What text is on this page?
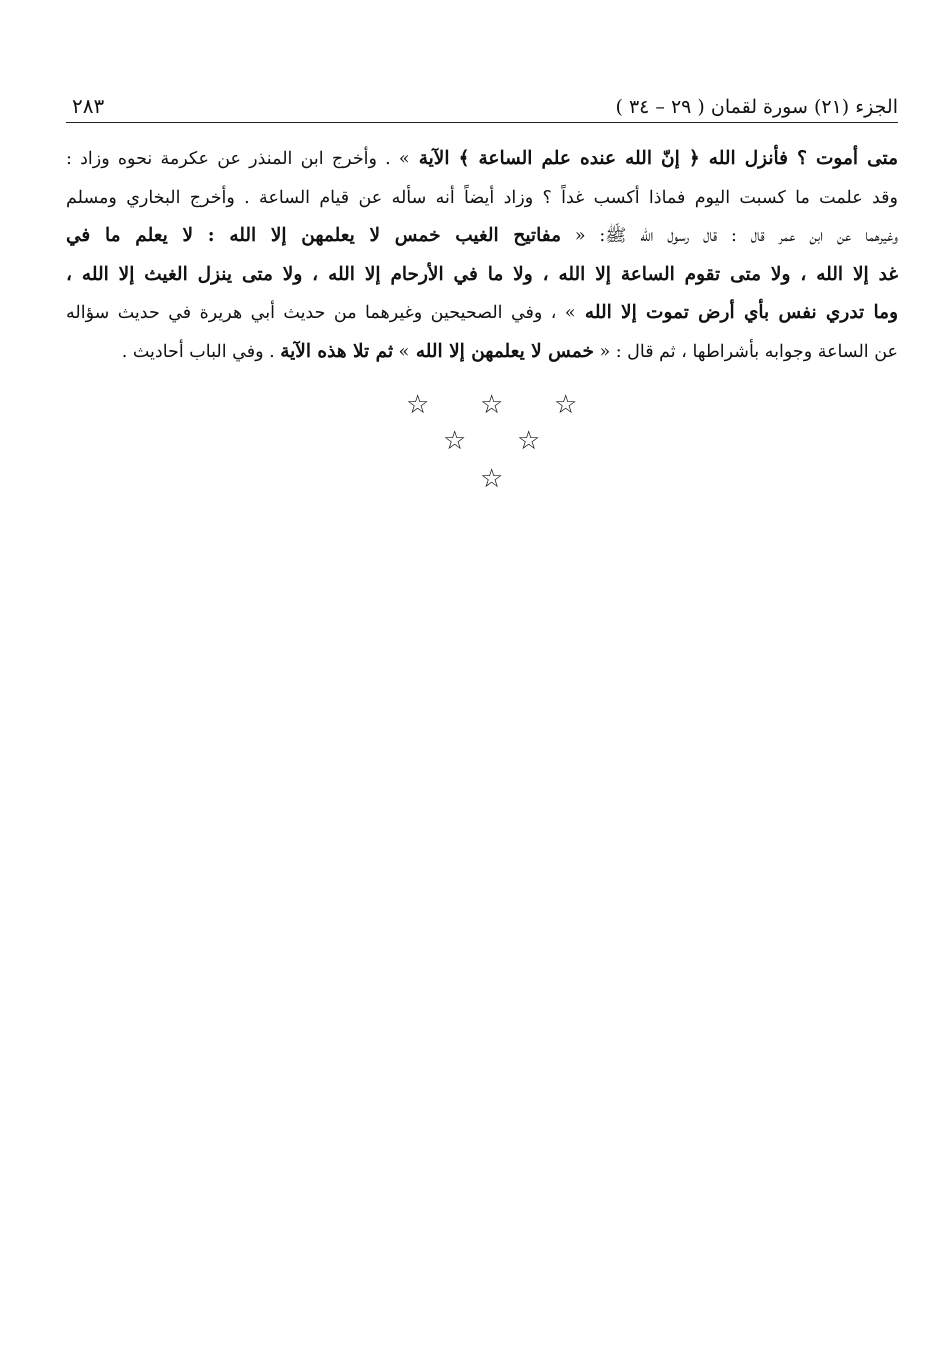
الجزء (٢١) سورة لقمان ( ٢٩ – ٣٤ )
٢٨٣
متى أموت ؟ فأنزل الله ﴿ إنّ الله عنده علم الساعة ﴾ الآية » . وأخرج ابن المنذر عن عكرمة نحوه وزاد :
وقد علمت ما كسبت اليوم فماذا أكسب غداً ؟ وزاد أيضاً أنه سأله عن قيام الساعة . وأخرج البخاري ومسلم
وغيرهما عن ابن عمر قال : قال رسول الله ﷺ: « مفاتيح الغيب خمس لا يعلمهن إلا الله : لا يعلم ما في
غد إلا الله ، ولا متى تقوم الساعة إلا الله ، ولا ما في الأرحام إلا الله ، ولا متى ينزل الغيث إلا الله ،
وما تدري نفس بأي أرض تموت إلا الله » ، وفي الصحيحين وغيرهما من حديث أبي هريرة في حديث سؤاله
عن الساعة وجوابه بأشراطها ، ثم قال : « خمس لا يعلمهن إلا الله » ثم تلا هذه الآية . وفي الباب أحاديث .
☆
☆
☆
☆
☆
☆
